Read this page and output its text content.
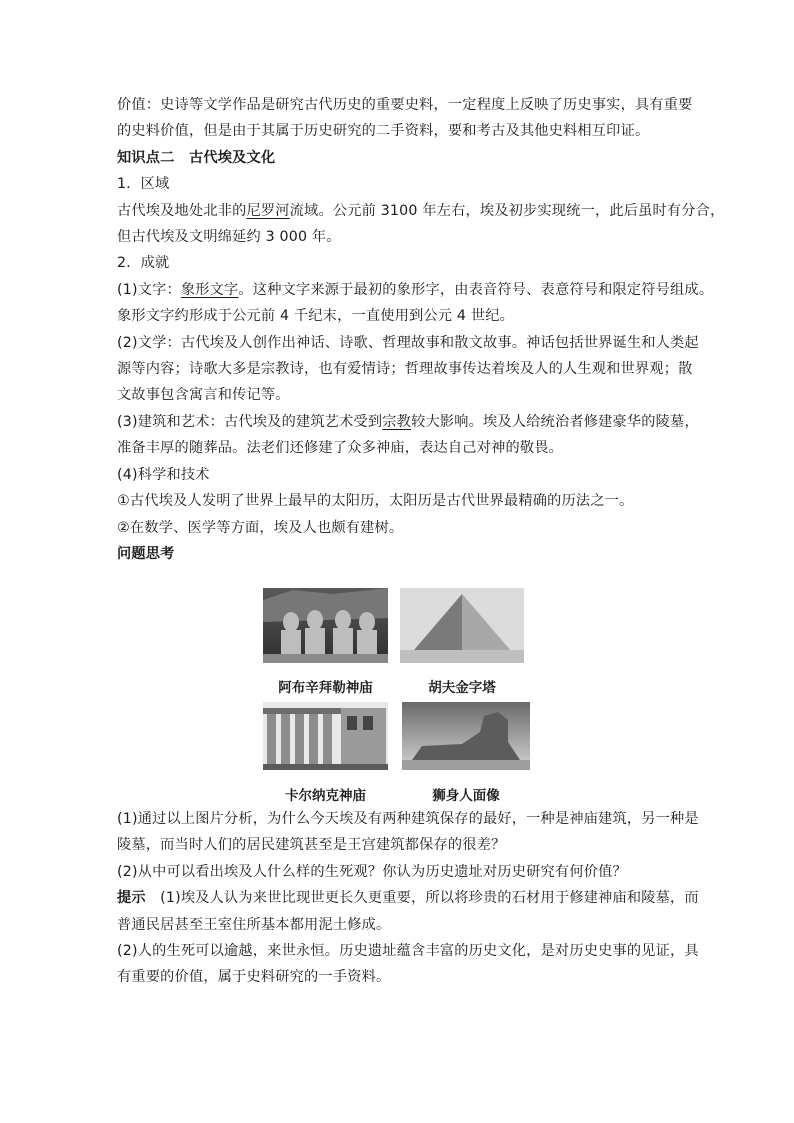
价值：史诗等文学作品是研究古代历史的重要史料，一定程度上反映了历史事实，具有重要
的史料价值，但是由于其属于历史研究的二手资料，要和考古及其他史料相互印证。
知识点二　古代埃及文化
1．区域
古代埃及地处北非的尼罗河流域。公元前 3100 年左右，埃及初步实现统一，此后虽时有分合，
但古代埃及文明绵延约 3 000 年。
2．成就
(1)文字：象形文字。这种文字来源于最初的象形字，由表音符号、表意符号和限定符号组成。
象形文字约形成于公元前 4 千纪末，一直使用到公元 4 世纪。
(2)文学：古代埃及人创作出神话、诗歌、哲理故事和散文故事。神话包括世界诞生和人类起
源等内容；诗歌大多是宗教诗，也有爱情诗；哲理故事传达着埃及人的人生观和世界观；散
文故事包含寓言和传记等。
(3)建筑和艺术：古代埃及的建筑艺术受到宗教较大影响。埃及人给统治者修建豪华的陵墓，
准备丰厚的随葬品。法老们还修建了众多神庙，表达自己对神的敬畏。
(4)科学和技术
①古代埃及人发明了世界上最早的太阳历，太阳历是古代世界最精确的历法之一。
②在数学、医学等方面，埃及人也颇有建树。
问题思考
阿布辛拜勒神庙	胡夫金字塔
卡尔纳克神庙	狮身人面像
(1)通过以上图片分析，为什么今天埃及有两种建筑保存的最好，一种是神庙建筑，另一种是
陵墓，而当时人们的居民建筑甚至是王宫建筑都保存的很差？
(2)从中可以看出埃及人什么样的生死观？你认为历史遗址对历史研究有何价值？
提示　(1)埃及人认为来世比现世更长久更重要，所以将珍贵的石材用于修建神庙和陵墓，而
普通民居甚至王室住所基本都用泥土修成。
(2)人的生死可以逾越，来世永恒。历史遗址蕴含丰富的历史文化，是对历史史事的见证，具
有重要的价值，属于史料研究的一手资料。
